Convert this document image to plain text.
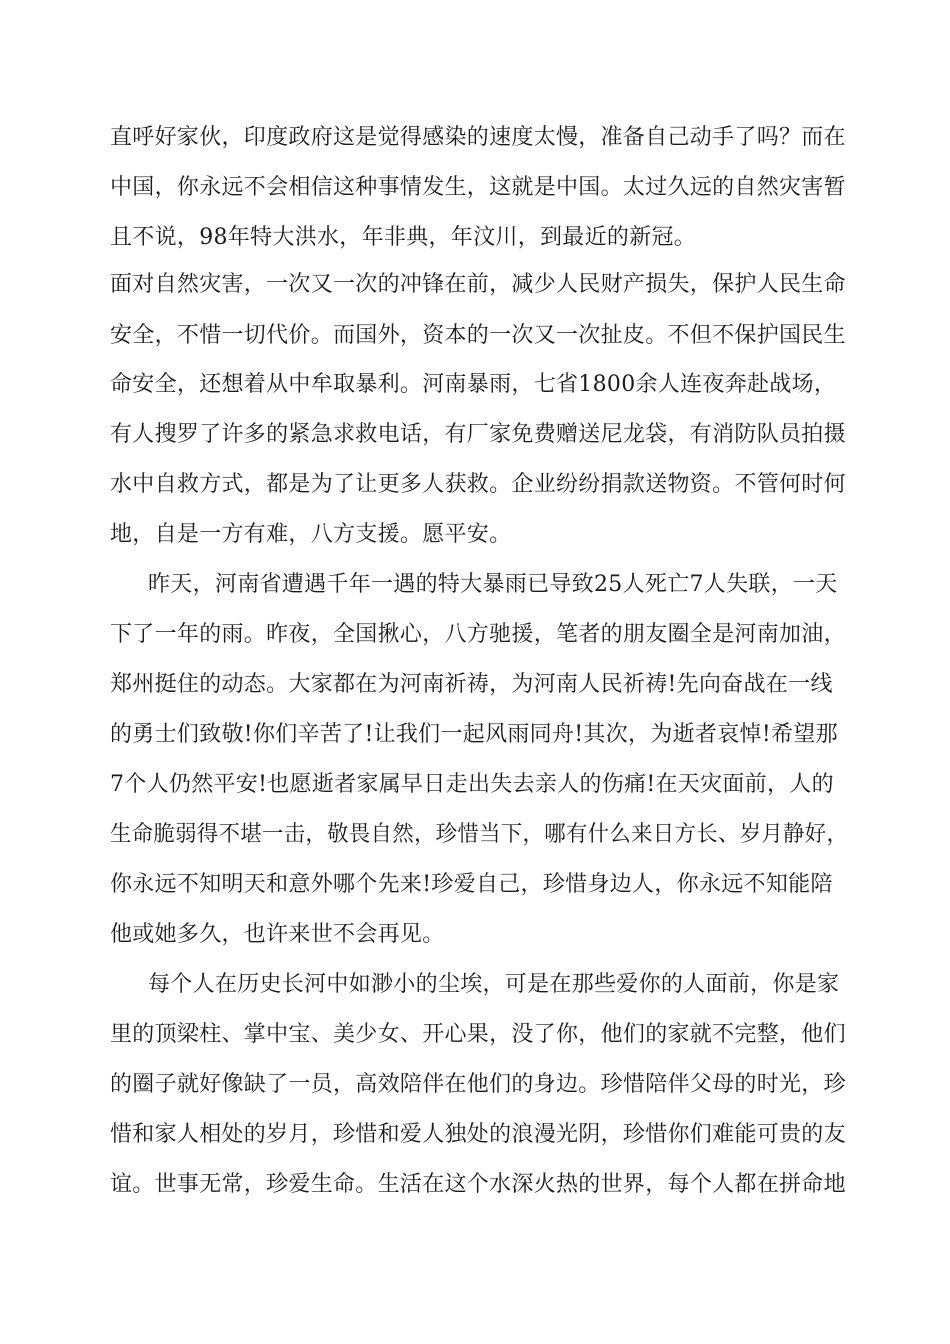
直呼好家伙，印度政府这是觉得感染的速度太慢，准备自己动手了吗？而在
中国，你永远不会相信这种事情发生，这就是中国。太过久远的自然灾害暂
且不说，98年特大洪水，年非典，年汶川，到最近的新冠。
面对自然灾害，一次又一次的冲锋在前，减少人民财产损失，保护人民生命
安全，不惜一切代价。而国外，资本的一次又一次扯皮。不但不保护国民生
命安全，还想着从中牟取暴利。河南暴雨，七省1800余人连夜奔赴战场，
有人搜罗了许多的紧急求救电话，有厂家免费赠送尼龙袋，有消防队员拍摄
水中自救方式，都是为了让更多人获救。企业纷纷捐款送物资。不管何时何
地，自是一方有难，八方支援。愿平安。
昨天，河南省遭遇千年一遇的特大暴雨已导致25人死亡7人失联，一天
下了一年的雨。昨夜，全国揪心，八方驰援，笔者的朋友圈全是河南加油，
郑州挺住的动态。大家都在为河南祈祷，为河南人民祈祷!先向奋战在一线
的勇士们致敬!你们辛苦了!让我们一起风雨同舟!其次，为逝者哀悼!希望那
7个人仍然平安!也愿逝者家属早日走出失去亲人的伤痛!在天灾面前，人的
生命脆弱得不堪一击，敬畏自然，珍惜当下，哪有什么来日方长、岁月静好，
你永远不知明天和意外哪个先来!珍爱自己，珍惜身边人，你永远不知能陪
他或她多久，也许来世不会再见。
每个人在历史长河中如渺小的尘埃，可是在那些爱你的人面前，你是家
里的顶梁柱、掌中宝、美少女、开心果，没了你，他们的家就不完整，他们
的圈子就好像缺了一员，高效陪伴在他们的身边。珍惜陪伴父母的时光，珍
惜和家人相处的岁月，珍惜和爱人独处的浪漫光阴，珍惜你们难能可贵的友
谊。世事无常，珍爱生命。生活在这个水深火热的世界，每个人都在拼命地
